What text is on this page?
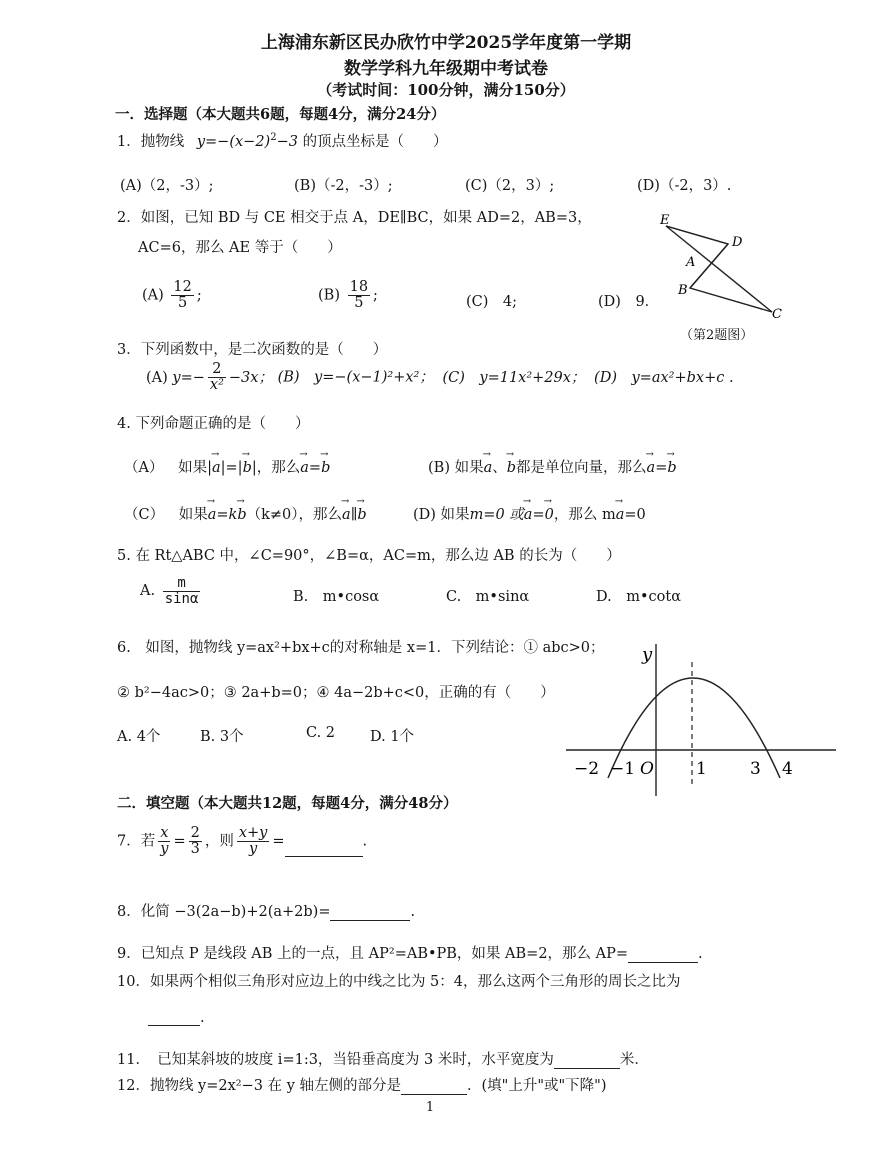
上海浦东新区民办欣竹中学2025学年度第一学期
数学学科九年级期中考试卷
（考试时间：100分钟，满分150分）
一．选择题（本大题共6题，每题4分，满分24分）
1．抛物线 $y=-(x-2)^2-3$ 的顶点坐标是（　　）
(A)（2，-3）;	(B)（-2，-3）;	(C)（2，3）;	(D)（-2，3）.
2．如图，已知 BD 与 CE 相交于点 A，DE∥BC，如果 AD=2，AB=3，
AC=6，那么 AE 等于（　　）
$(A) \frac{12}{5}$ ;	$(B) \frac{18}{5}$ ;	(C)　4;	(D)　9．
E
D
A
B
C
（第2题图）
3．下列函数中，是二次函数的是（　　）
(A) $y=- \frac{2}{\text{x²}} -3x$； (B)　y=−(x−1)²+x²； (C)　y=11x²+29x； (D)　y=ax²+bx+c .
4. 下列命题正确的是（　　）
（A） 如果|→ a|=|→ b|，那么→ a=→ b	(B) 如果→ a、→ b都是单位向量，那么→ a=→ b
（C） 如果→ a=k→ b（k≠0），那么→ a∥→ b	(D) 如果m=0 或→ a=→ 0，那么 m→ a=0
5. 在 Rt△ABC 中，∠C=90°，∠B=α，AC=m，那么边 AB 的长为（　　）
A. $\frac{m}{\sin\alpha}$	B.　m•cosα	C.　m•sinα	D.　m•cotα
6.　如图，抛物线 y=ax²+bx+c的对称轴是 x=1．下列结论：① abc>0；
② b²−4ac>0；③ 2a+b=0；④ 4a−2b+c<0，正确的有（　　）
A. 4个	B. 3个	C. 2 D. 1个
y
−2 −1 O 1	3 4
二．填空题（本大题共12题，每题4分，满分48分）
7．若 $\frac{x}{y} = \frac{2}{3}$ ，则 $\frac{x+y}{y}$ =	.
8．化简 −3(2a−b)+2(a+2b)=	.
9．已知点 P 是线段 AB 上的一点，且 AP²=AB•PB，如果 AB=2，那么 AP=	.
10．如果两个相似三角形对应边上的中线之比为 5：4，那么这两个三角形的周长之比为
.
11．　已知某斜坡的坡度 i=1:3，当铅垂高度为 3 米时，水平宽度为	米．
12．抛物线 y=2x²−3 在 y 轴左侧的部分是	．(填"上升"或"下降")
1
